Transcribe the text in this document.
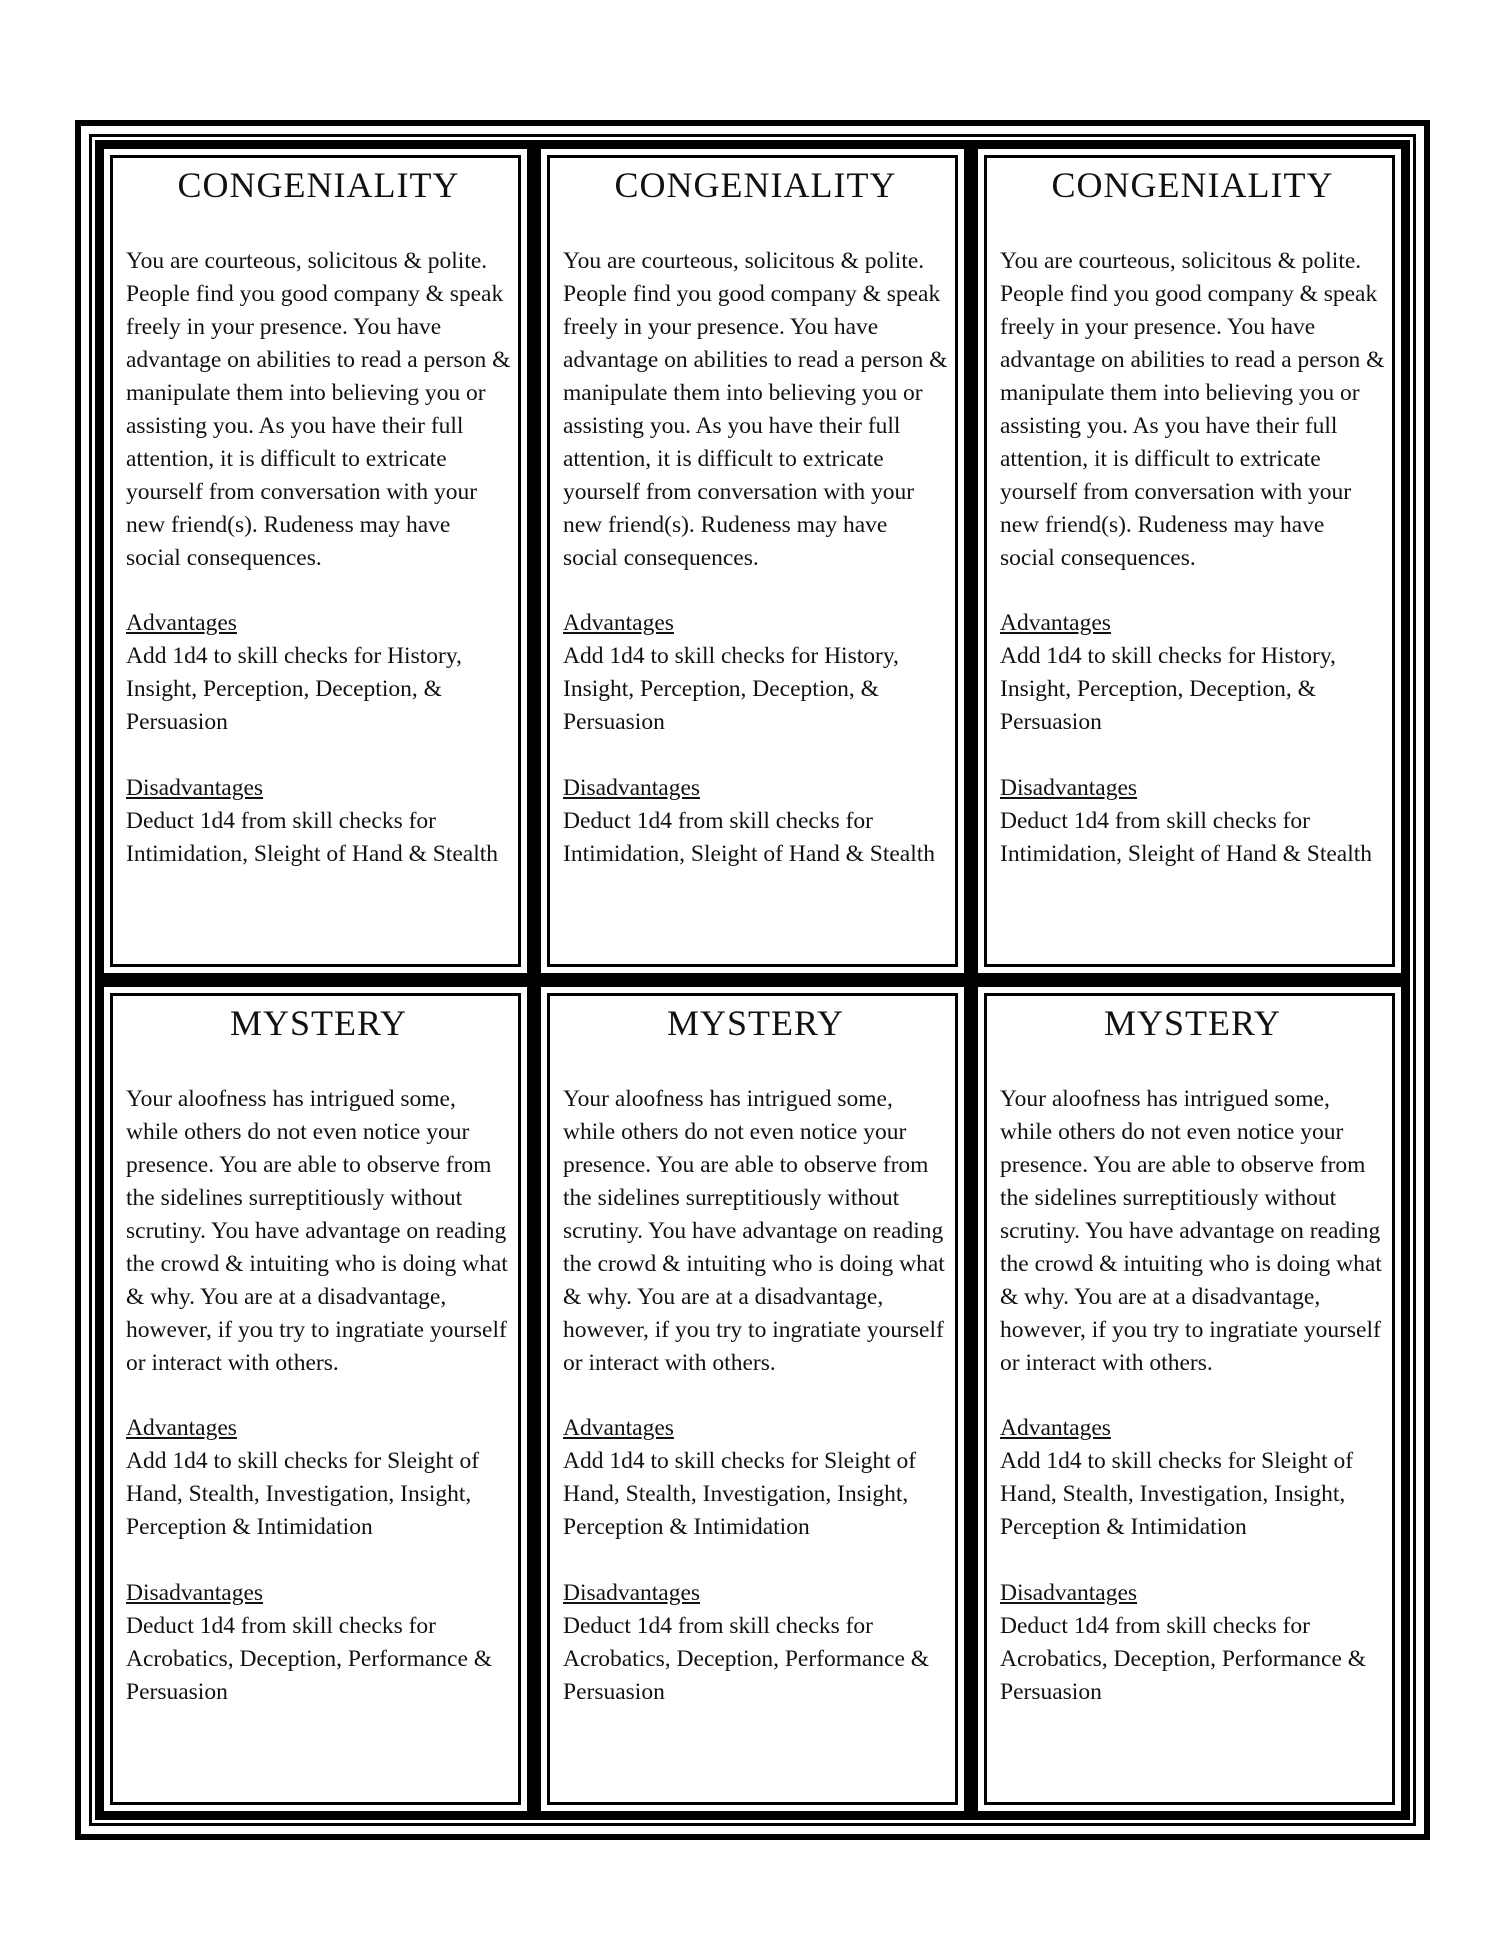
CONGENIALITY

You are courteous, solicitous & polite. People find you good company & speak freely in your presence. You have advantage on abilities to read a person & manipulate them into believing you or assisting you. As you have their full attention, it is difficult to extricate yourself from conversation with your new friend(s). Rudeness may have social consequences.

Advantages

Add 1d4 to skill checks for History, Insight, Perception, Deception, & Persuasion

Disadvantages

Deduct 1d4 from skill checks for Intimidation, Sleight of Hand & Stealth

CONGENIALITY

You are courteous, solicitous & polite. People find you good company & speak freely in your presence. You have advantage on abilities to read a person & manipulate them into believing you or assisting you. As you have their full attention, it is difficult to extricate yourself from conversation with your new friend(s). Rudeness may have social consequences.

Advantages

Add 1d4 to skill checks for History, Insight, Perception, Deception, & Persuasion

Disadvantages

Deduct 1d4 from skill checks for Intimidation, Sleight of Hand & Stealth

CONGENIALITY

You are courteous, solicitous & polite. People find you good company & speak freely in your presence. You have advantage on abilities to read a person & manipulate them into believing you or assisting you. As you have their full attention, it is difficult to extricate yourself from conversation with your new friend(s). Rudeness may have social consequences.

Advantages

Add 1d4 to skill checks for History, Insight, Perception, Deception, & Persuasion

Disadvantages

Deduct 1d4 from skill checks for Intimidation, Sleight of Hand & Stealth

MYSTERY

Your aloofness has intrigued some, while others do not even notice your presence. You are able to observe from the sidelines surreptitiously without scrutiny. You have advantage on reading the crowd & intuiting who is doing what & why. You are at a disadvantage, however, if you try to ingratiate yourself or interact with others.

Advantages

Add 1d4 to skill checks for Sleight of Hand, Stealth, Investigation, Insight, Perception & Intimidation

Disadvantages

Deduct 1d4 from skill checks for Acrobatics, Deception, Performance & Persuasion

MYSTERY

Your aloofness has intrigued some, while others do not even notice your presence. You are able to observe from the sidelines surreptitiously without scrutiny. You have advantage on reading the crowd & intuiting who is doing what & why. You are at a disadvantage, however, if you try to ingratiate yourself or interact with others.

Advantages

Add 1d4 to skill checks for Sleight of Hand, Stealth, Investigation, Insight, Perception & Intimidation

Disadvantages

Deduct 1d4 from skill checks for Acrobatics, Deception, Performance & Persuasion

MYSTERY

Your aloofness has intrigued some, while others do not even notice your presence. You are able to observe from the sidelines surreptitiously without scrutiny. You have advantage on reading the crowd & intuiting who is doing what & why. You are at a disadvantage, however, if you try to ingratiate yourself or interact with others.

Advantages

Add 1d4 to skill checks for Sleight of Hand, Stealth, Investigation, Insight, Perception & Intimidation

Disadvantages

Deduct 1d4 from skill checks for Acrobatics, Deception, Performance & Persuasion
